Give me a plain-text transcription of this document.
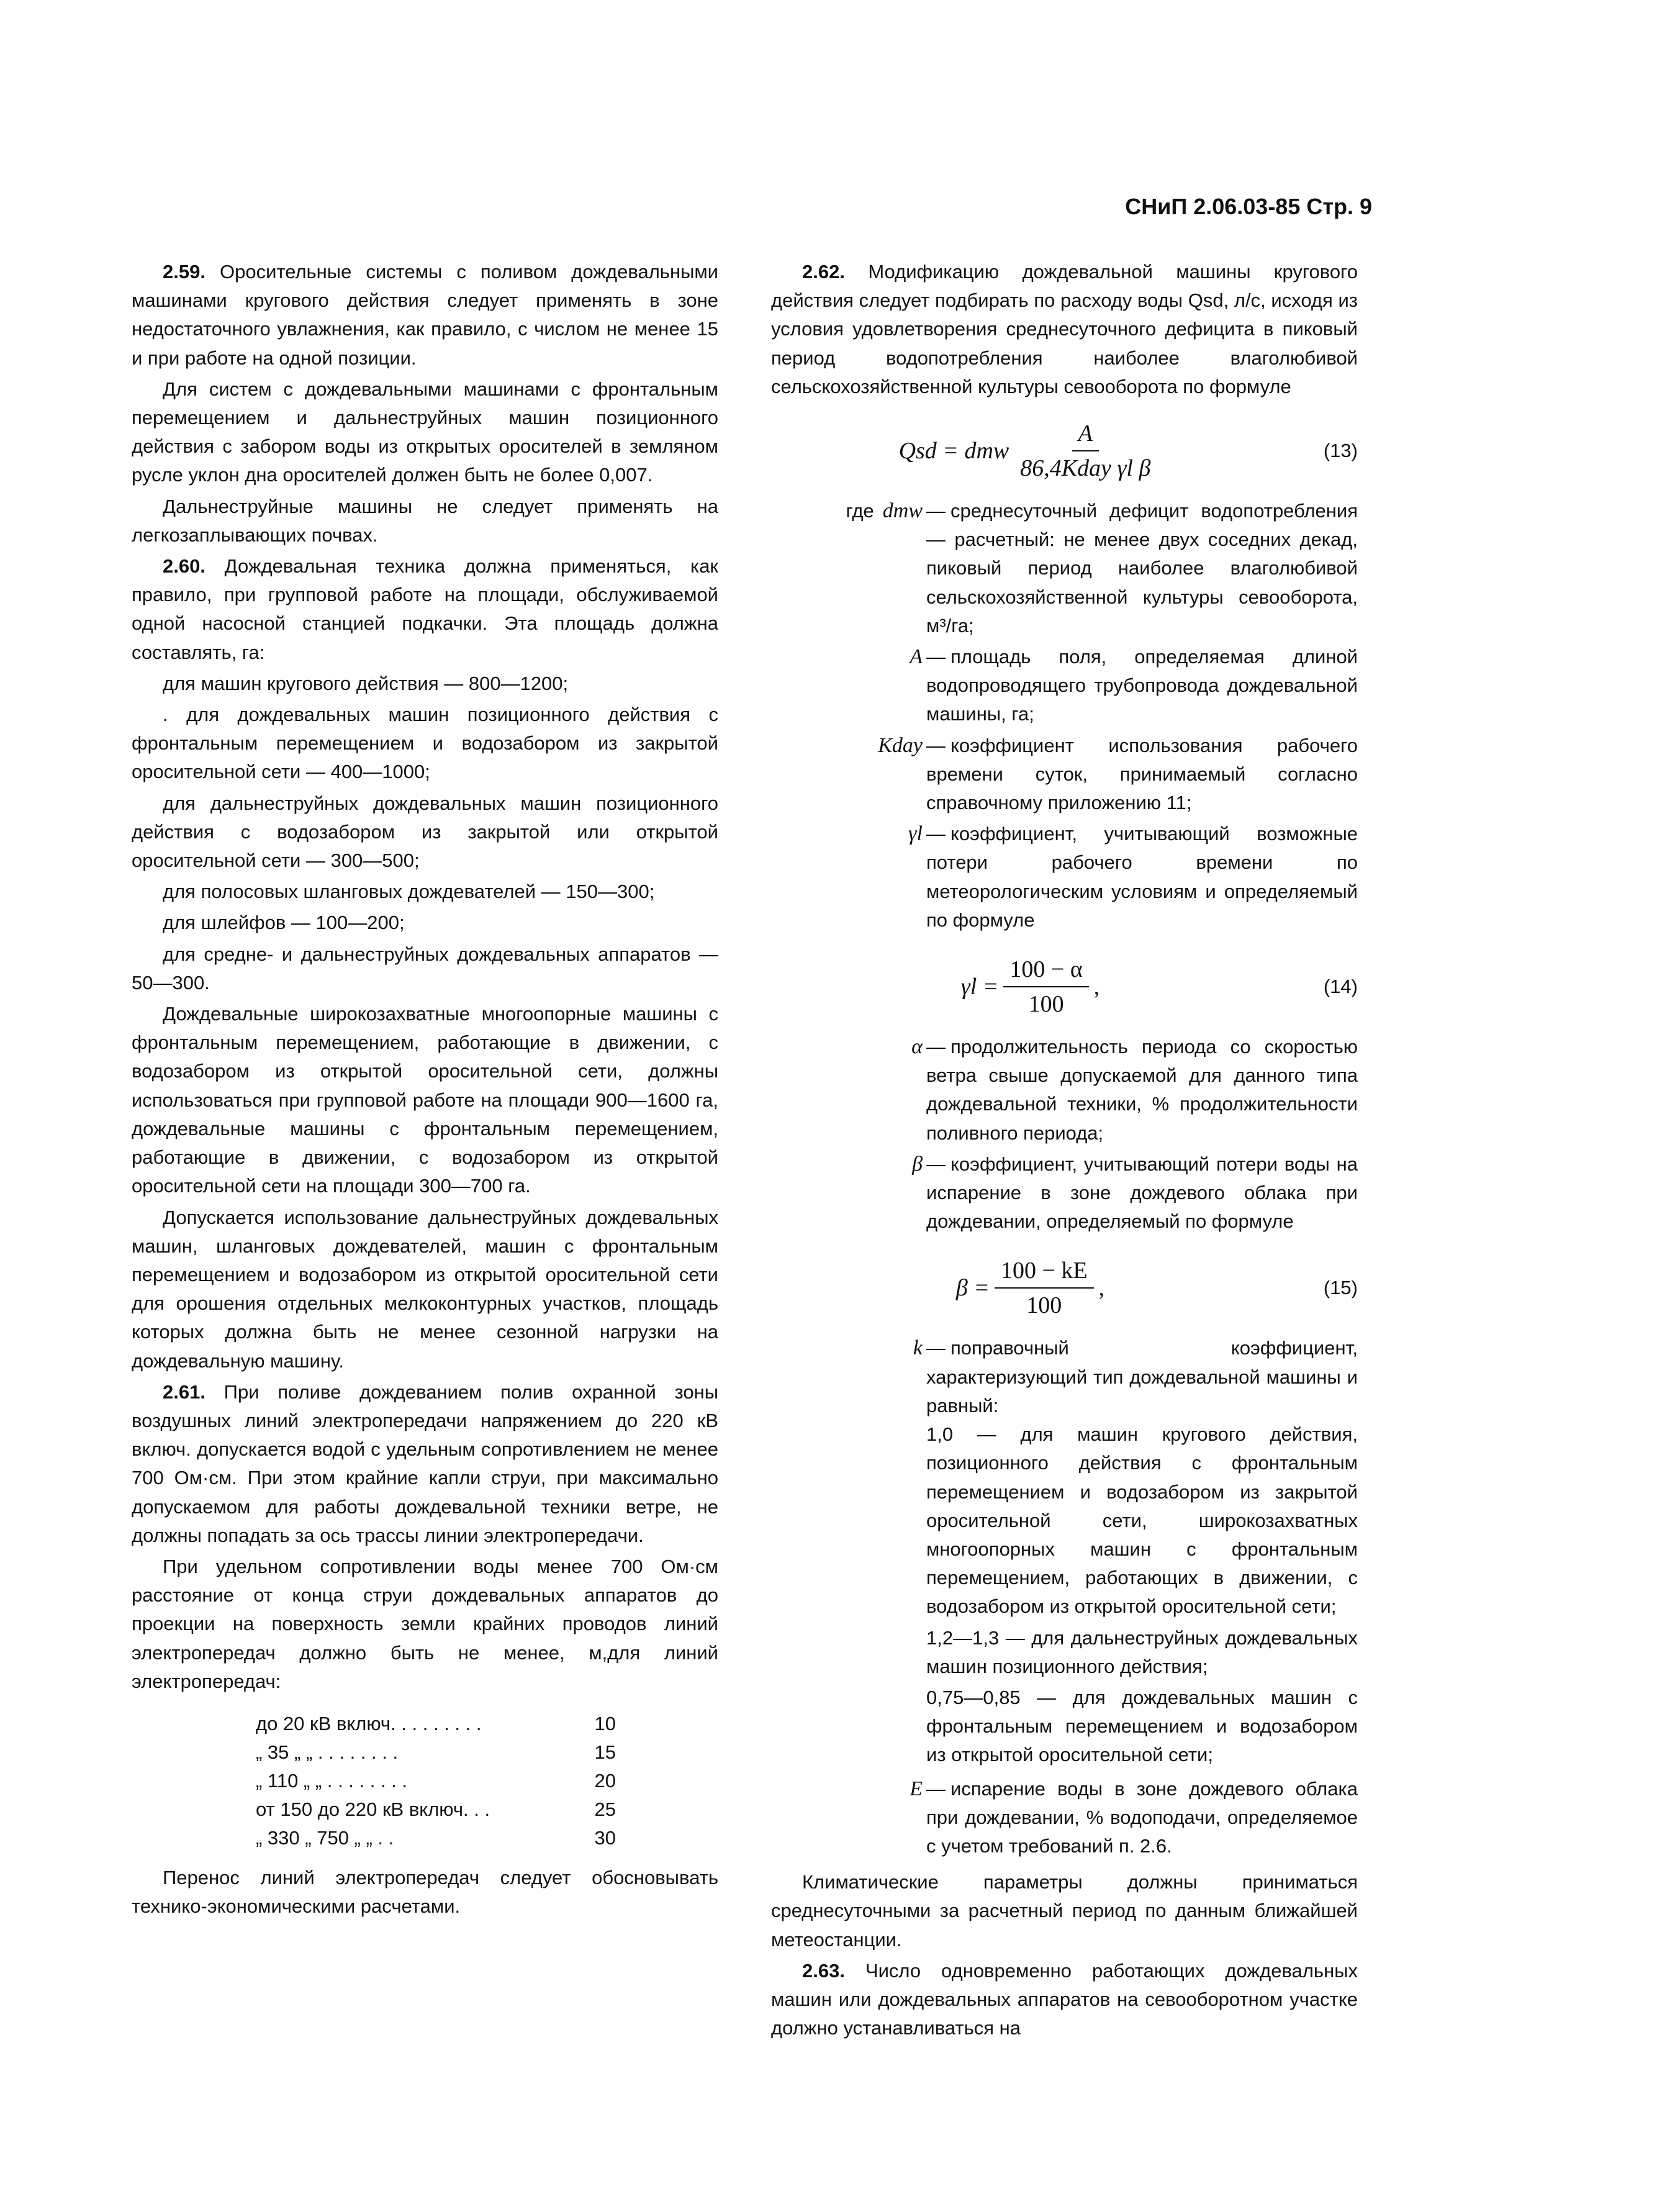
СНиП 2.06.03-85 Стр. 9

2.59. Оросительные системы с поливом дождевальными машинами кругового действия следует применять в зоне недостаточного увлажнения, как правило, с числом не менее 15 и при работе на одной позиции.

Для систем с дождевальными машинами с фронтальным перемещением и дальнеструйных машин позиционного действия с забором воды из открытых оросителей в земляном русле уклон дна оросителей должен быть не более 0,007.

Дальнеструйные машины не следует применять на легкозаплывающих почвах.

2.60. Дождевальная техника должна применяться, как правило, при групповой работе на площади, обслуживаемой одной насосной станцией подкачки. Эта площадь должна составлять, га:

для машин кругового действия — 800—1200;

. для дождевальных машин позиционного действия с фронтальным перемещением и водозабором из закрытой оросительной сети — 400—1000;

для дальнеструйных дождевальных машин позиционного действия с водозабором из закрытой или открытой оросительной сети — 300—500;

для полосовых шланговых дождевателей — 150—300;

для шлейфов — 100—200;

для средне- и дальнеструйных дождевальных аппаратов — 50—300.

Дождевальные широкозахватные многоопорные машины с фронтальным перемещением, работающие в движении, с водозабором из открытой оросительной сети, должны использоваться при групповой работе на площади 900—1600 га, дождевальные машины с фронтальным перемещением, работающие в движении, с водозабором из открытой оросительной сети на площади 300—700 га.

Допускается использование дальнеструйных дождевальных машин, шланговых дождевателей, машин с фронтальным перемещением и водозабором из открытой оросительной сети для орошения отдельных мелкоконтурных участков, площадь которых должна быть не менее сезонной нагрузки на дождевальную машину.

2.61. При поливе дождеванием полив охранной зоны воздушных линий электропередачи напряжением до 220 кВ включ. допускается водой с удельным сопротивлением не менее 700 Ом·см. При этом крайние капли струи, при максимально допускаемом для работы дождевальной техники ветре, не должны попадать за ось трассы линии электропередачи.

При удельном сопротивлении воды менее 700 Ом·см расстояние от конца струи дождевальных аппаратов до проекции на поверхность земли крайних проводов линий электропередач должно быть не менее, м,для линий электропередач:

до 20 кВ включ. . . . . . . . .	10
„ 35 „ „ . . . . . . . .	15
„ 110 „ „ . . . . . . . .	20
от 150 до 220 кВ включ. . .	25
„ 330 „ 750 „ „ . .	30

Перенос линий электропередач следует обосновывать технико-экономическими расчетами.

2.62. Модификацию дождевальной машины кругового действия следует подбирать по расходу воды Qsd, л/с, исходя из условия удовлетворения среднесуточного дефицита в пиковый период водопотребления наиболее влаголюбивой сельскохозяйственной культуры севооборота по формуле

Qsd = dmw $\frac{A}{\text{86,4Kday γl β}}$	(13)
где dmw — среднесуточный дефицит водопотребления — расчетный: не менее двух соседних декад, пиковый период наиболее влаголюбивой сельскохозяйственной культуры севооборота, м³/га;
A — площадь поля, определяемая длиной водопроводящего трубопровода дождевальной машины, га;
Kday — коэффициент использования рабочего времени суток, принимаемый согласно справочному приложению 11;
γl — коэффициент, учитывающий возможные потери рабочего времени по метеорологическим условиям и определяемый по формуле
$\gamma l = \frac{100 - \alpha}{100}$ ,	(14)
α — продолжительность периода со скоростью ветра свыше допускаемой для данного типа дождевальной техники, % продолжительности поливного периода;
β — коэффициент, учитывающий потери воды на испарение в зоне дождевого облака при дождевании, определяемый по формуле
$\beta = \frac{100 - kE}{100}$ ,	(15)
k — поправочный коэффициент, характеризующий тип дождевальной машины и равный:

1,0 — для машин кругового действия, позиционного действия с фронтальным перемещением и водозабором из закрытой оросительной сети, широкозахватных многоопорных машин с фронтальным перемещением, работающих в движении, с водозабором из открытой оросительной сети;

1,2—1,3 — для дальнеструйных дождевальных машин позиционного действия;

0,75—0,85 — для дождевальных машин с фронтальным перемещением и водозабором из открытой оросительной сети;

E — испарение воды в зоне дождевого облака при дождевании, % водоподачи, определяемое с учетом требований п. 2.6.

Климатические параметры должны приниматься среднесуточными за расчетный период по данным ближайшей метеостанции.

2.63. Число одновременно работающих дождевальных машин или дождевальных аппаратов на севооборотном участке должно устанавливаться на
